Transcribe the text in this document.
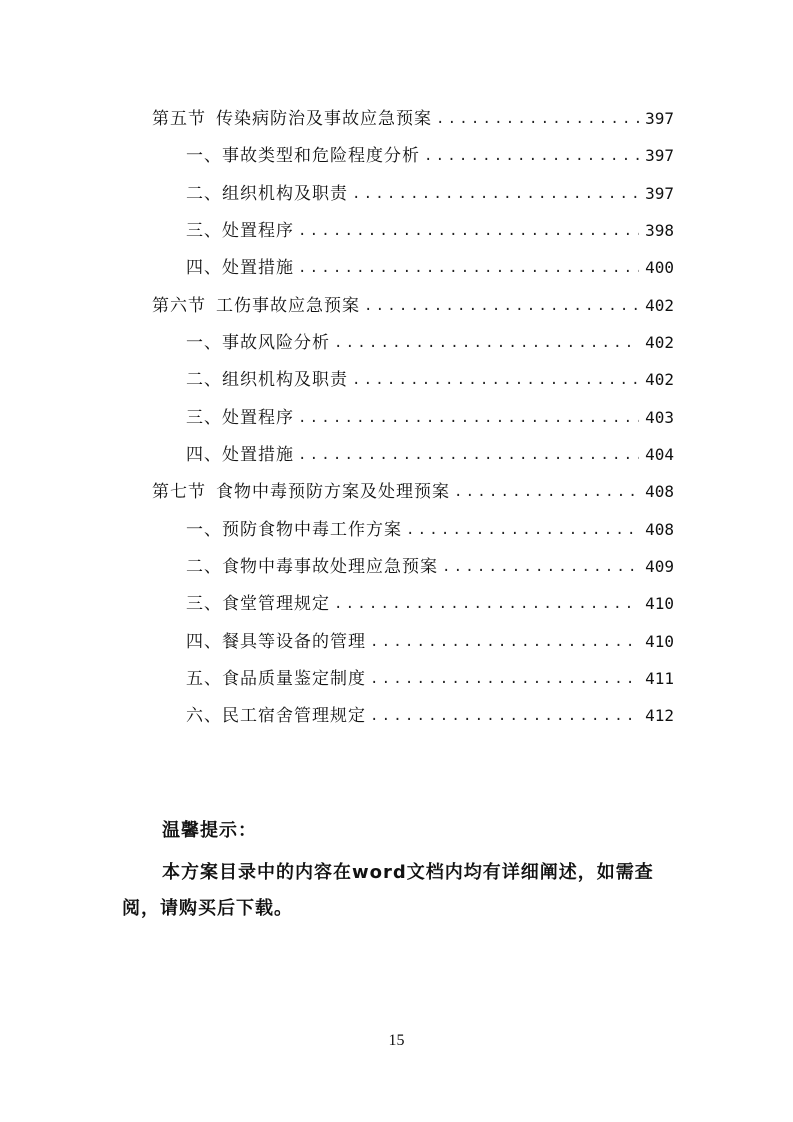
第五节 传染病防治及事故应急预案 .....	397
一、事故类型和危险程度分析 .....	397
二、组织机构及职责 .....	397
三、处置程序 .....	398
四、处置措施 .....	400
第六节 工伤事故应急预案 .....	402
一、事故风险分析 .....	402
二、组织机构及职责 .....	402
三、处置程序 .....	403
四、处置措施 .....	404
第七节 食物中毒预防方案及处理预案 .....	408
一、预防食物中毒工作方案 .....	408
二、食物中毒事故处理应急预案 .....	409
三、食堂管理规定 .....	410
四、餐具等设备的管理 .....	410
五、食品质量鉴定制度 .....	411
六、民工宿舍管理规定 .....	412
温馨提示：

本方案目录中的内容在word文档内均有详细阐述，如需查阅，请购买后下载。

15
